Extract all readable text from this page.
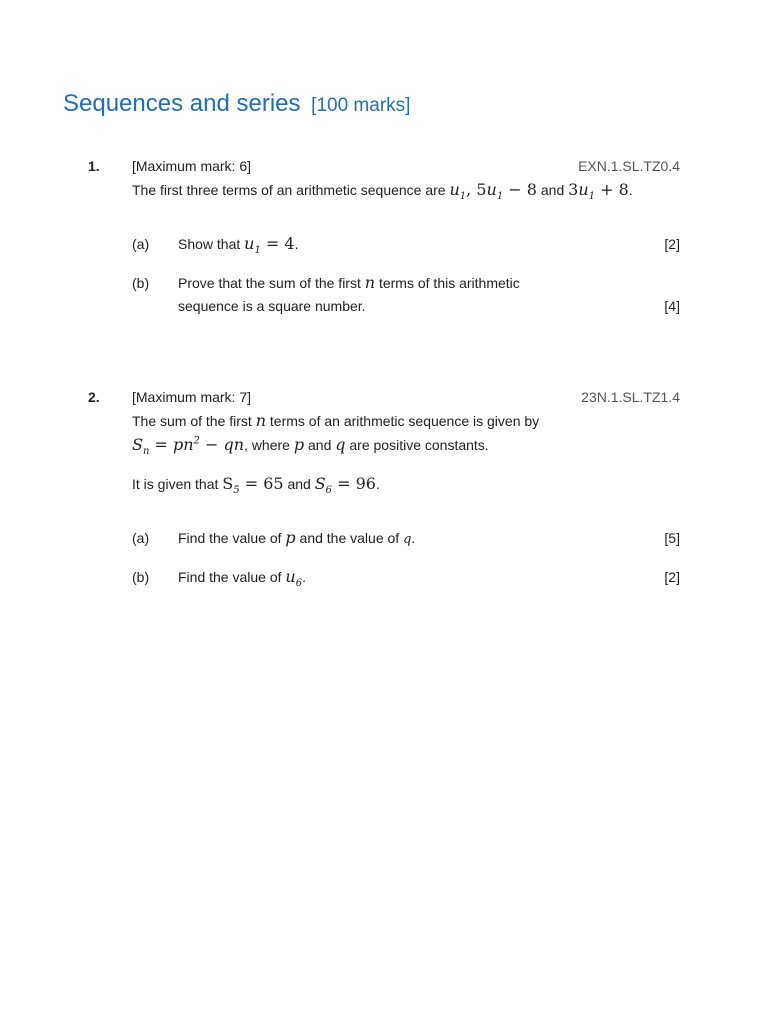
Sequences and series [100 marks]
1. [Maximum mark: 6]	EXN.1.SL.TZ0.4
The first three terms of an arithmetic sequence are $u_1$, $5u_1 - 8$ and $3u_1 + 8$.
(a) Show that $u_1 = 4$.	[2]
(b) Prove that the sum of the first n terms of this arithmetic
sequence is a square number.	[4]
2. [Maximum mark: 7]	23N.1.SL.TZ1.4
The sum of the first n terms of an arithmetic sequence is given by
$S_n = pn^2$ − qn, where p and q are positive constants.
It is given that $S_5 = 65$ and $S_6 = 96$.
(a) Find the value of p and the value of q.	[5]
(b) Find the value of $u_6$.	[2]
